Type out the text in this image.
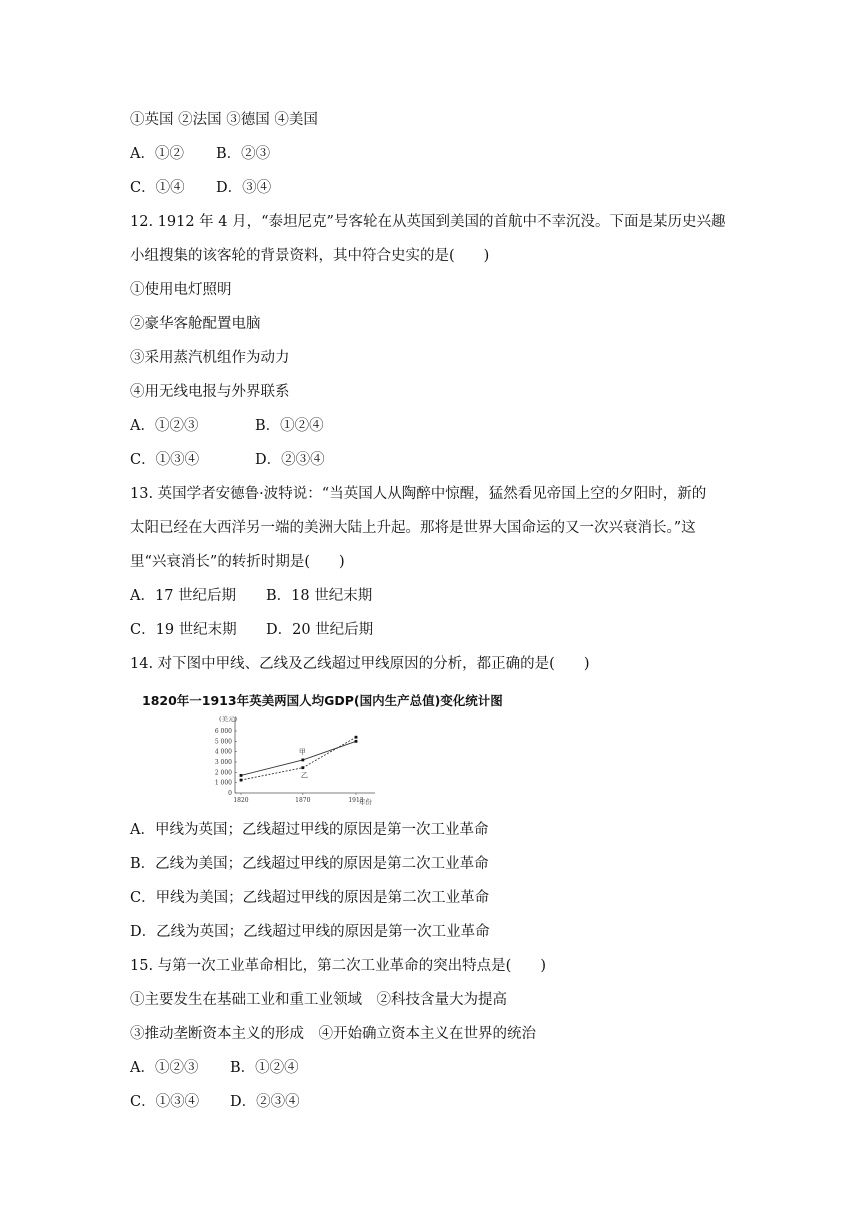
①英国 ②法国 ③德国 ④美国
A．①② B．②③
C．①④ D．③④
12. 1912 年 4 月，“泰坦尼克”号客轮在从英国到美国的首航中不幸沉没。下面是某历史兴趣
小组搜集的该客轮的背景资料，其中符合史实的是(　　)
①使用电灯照明
②豪华客舱配置电脑
③采用蒸汽机组作为动力
④用无线电报与外界联系
A．①②③	B．①②④
C．①③④	D．②③④
13. 英国学者安德鲁·波特说：“当英国人从陶醉中惊醒，猛然看见帝国上空的夕阳时，新的
太阳已经在大西洋另一端的美洲大陆上升起。那将是世界大国命运的又一次兴衰消长。”这
里“兴衰消长”的转折时期是(　　)
A．17 世纪后期 B．18 世纪末期
C．19 世纪末期 D．20 世纪后期
14. 对下图中甲线、乙线及乙线超过甲线原因的分析，都正确的是(　　)
1820年一1913年英美两国人均GDP(国内生产总值)变化统计图
6 000
5 000
4 000
3 000
2 000
1 000
0
1820	1870	1913
甲
乙
(美元)
年份
A．甲线为英国；乙线超过甲线的原因是第一次工业革命
B．乙线为美国；乙线超过甲线的原因是第二次工业革命
C．甲线为美国；乙线超过甲线的原因是第二次工业革命
D．乙线为英国；乙线超过甲线的原因是第一次工业革命
15. 与第一次工业革命相比，第二次工业革命的突出特点是(　　)
①主要发生在基础工业和重工业领域　②科技含量大为提高
③推动垄断资本主义的形成　④开始确立资本主义在世界的统治
A．①②③ B．①②④
C．①③④ D．②③④
